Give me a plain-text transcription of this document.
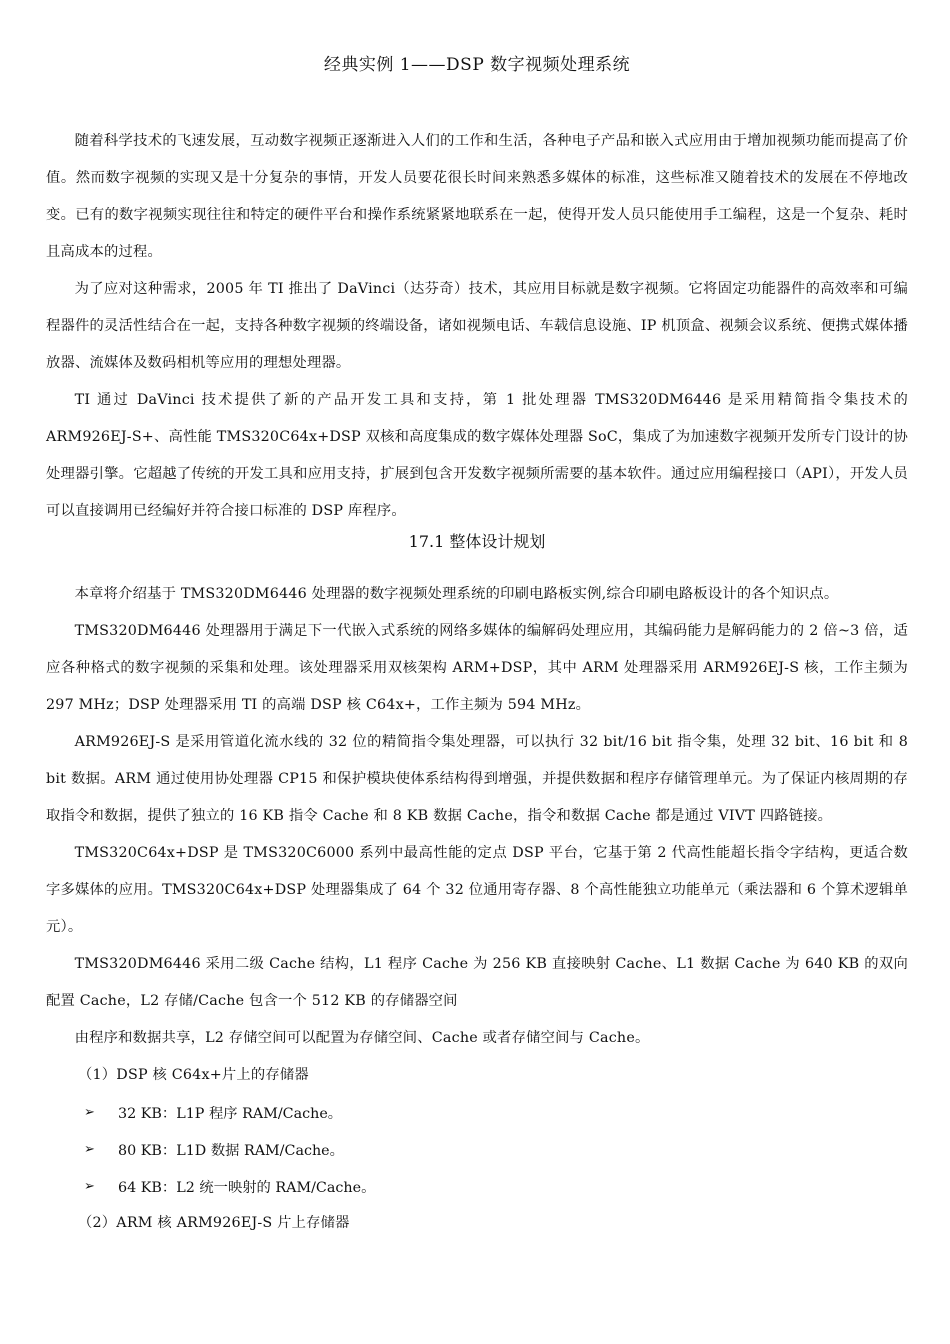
经典实例 1——DSP 数字视频处理系统

随着科学技术的飞速发展，互动数字视频正逐渐进入人们的工作和生活，各种电子产品和嵌入式应用由于增加视频功能而提高了价值。然而数字视频的实现又是十分复杂的事情，开发人员要花很长时间来熟悉多媒体的标准，这些标准又随着技术的发展在不停地改变。已有的数字视频实现往往和特定的硬件平台和操作系统紧紧地联系在一起，使得开发人员只能使用手工编程，这是一个复杂、耗时且高成本的过程。

为了应对这种需求，2005 年 TI 推出了 DaVinci（达芬奇）技术，其应用目标就是数字视频。它将固定功能器件的高效率和可编程器件的灵活性结合在一起，支持各种数字视频的终端设备，诸如视频电话、车载信息设施、IP 机顶盒、视频会议系统、便携式媒体播放器、流媒体及数码相机等应用的理想处理器。

TI 通过 DaVinci 技术提供了新的产品开发工具和支持，第 1 批处理器 TMS320DM6446 是采用精简指令集技术的 ARM926EJ-S+、高性能 TMS320C64x+DSP 双核和高度集成的数字媒体处理器 SoC，集成了为加速数字视频开发所专门设计的协处理器引擎。它超越了传统的开发工具和应用支持，扩展到包含开发数字视频所需要的基本软件。通过应用编程接口（API），开发人员可以直接调用已经编好并符合接口标准的 DSP 库程序。

17.1 整体设计规划

本章将介绍基于 TMS320DM6446 处理器的数字视频处理系统的印刷电路板实例,综合印刷电路板设计的各个知识点。

TMS320DM6446 处理器用于满足下一代嵌入式系统的网络多媒体的编解码处理应用，其编码能力是解码能力的 2 倍~3 倍，适应各种格式的数字视频的采集和处理。该处理器采用双核架构 ARM+DSP，其中 ARM 处理器采用 ARM926EJ-S 核，工作主频为 297 MHz；DSP 处理器采用 TI 的高端 DSP 核 C64x+，工作主频为 594 MHz。

ARM926EJ-S 是采用管道化流水线的 32 位的精简指令集处理器，可以执行 32 bit/16 bit 指令集，处理 32 bit、16 bit 和 8 bit 数据。ARM 通过使用协处理器 CP15 和保护模块使体系结构得到增强，并提供数据和程序存储管理单元。为了保证内核周期的存取指令和数据，提供了独立的 16 KB 指令 Cache 和 8 KB 数据 Cache，指令和数据 Cache 都是通过 VIVT 四路链接。

TMS320C64x+DSP 是 TMS320C6000 系列中最高性能的定点 DSP 平台，它基于第 2 代高性能超长指令字结构，更适合数字多媒体的应用。TMS320C64x+DSP 处理器集成了 64 个 32 位通用寄存器、8 个高性能独立功能单元（乘法器和 6 个算术逻辑单元）。

TMS320DM6446 采用二级 Cache 结构，L1 程序 Cache 为 256 KB 直接映射 Cache、L1 数据 Cache 为 640 KB 的双向配置 Cache，L2 存储/Cache 包含一个 512 KB 的存储器空间

由程序和数据共享，L2 存储空间可以配置为存储空间、Cache 或者存储空间与 Cache。

（1）DSP 核 C64x+片上的存储器

➢	32 KB：L1P 程序 RAM/Cache。
➢	80 KB：L1D 数据 RAM/Cache。
➢	64 KB：L2 统一映射的 RAM/Cache。

（2）ARM 核 ARM926EJ-S 片上存储器
